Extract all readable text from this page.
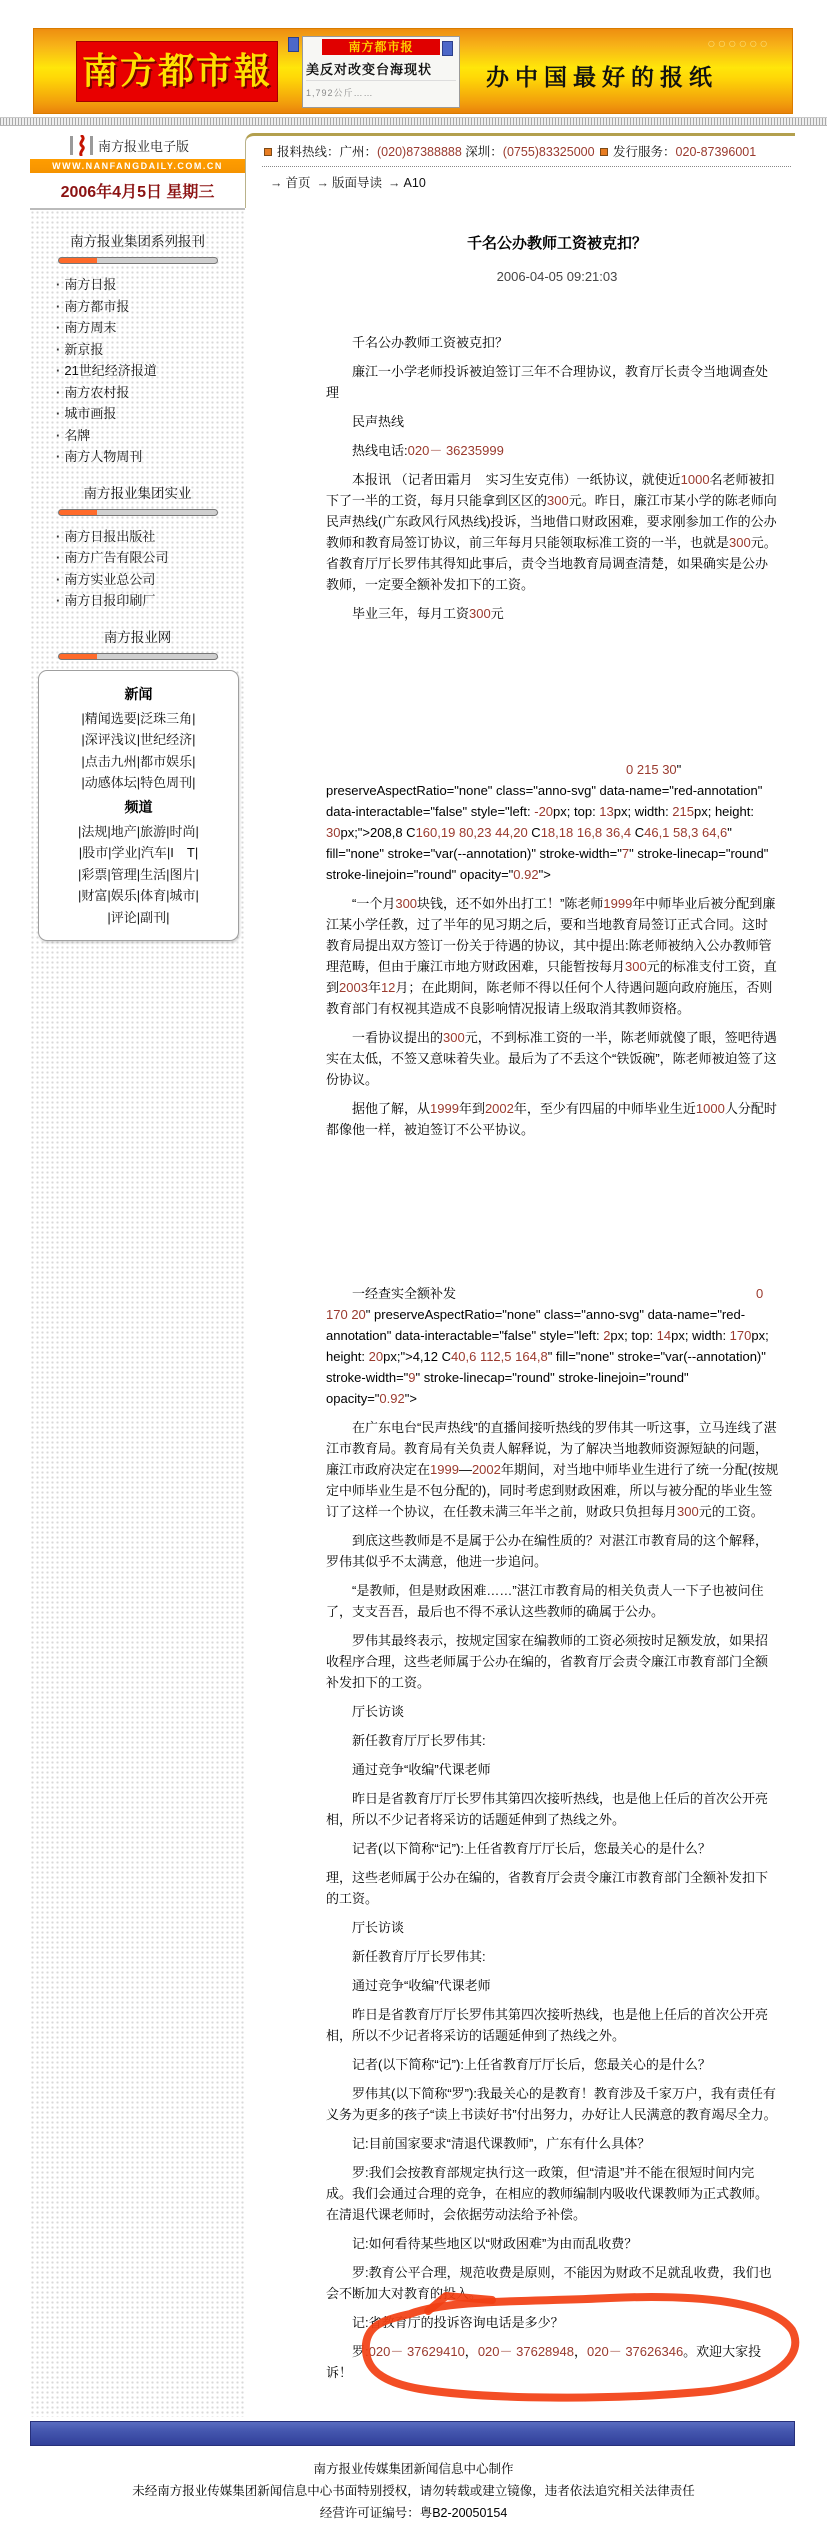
南方都市報
南方都市报
美反对改变台海现状
1,792公斤……
办中国最好的报纸
○○○○○○
南方报业电子版
WWW.NANFANGDAILY.COM.CN
2006年4月5日 星期三
报料热线：广州：(020)87388888 深圳：(0755)83325000 发行服务：020-87396001
→ 首页 → 版面导读 → A10
南方报业集团系列报刊
· 南方日报
· 南方都市报
· 南方周末
· 新京报
· 21世纪经济报道
· 南方农村报
· 城市画报
· 名牌
· 南方人物周刊
南方报业集团实业
· 南方日报出版社
· 南方广告有限公司
· 南方实业总公司
· 南方日报印刷厂
南方报业网
新闻
|精闻选要|泛珠三角|
|深评浅议|世纪经济|
|点击九州|都市娱乐|
|动感体坛|特色周刊|
频道
|法规|地产|旅游|时尚|
|股市|学业|汽车|I　T|
|彩票|管理|生活|图片|
|财富|娱乐|体育|城市|
|评论|副刊|
千名公办教师工资被克扣？
2006-04-05 09:21:03

千名公办教师工资被克扣？

廉江一小学老师投诉被迫签订三年不合理协议，教育厅长责令当地调查处理

民声热线

热线电话:020－ 36235999

本报讯 （记者田霜月　实习生安克伟）一纸协议，就使近1000名老师被扣下了一半的工资，每月只能拿到区区的300元。昨日，廉江市某小学的陈老师向民声热线(广东政风行风热线)投诉，当地借口财政困难，要求刚参加工作的公办教师和教育局签订协议，前三年每月只能领取标准工资的一半，也就是300元。省教育厅厅长罗伟其得知此事后，责令当地教育局调查清楚，如果确实是公办教师，一定要全额补发扣下的工资。

毕业三年，每月工资300元0 215 30" preserveAspectRatio="none" class="anno-svg" data-name="red-annotation" data-interactable="false" style="left: -20px; top: 13px; width: 215px; height: 30px;">208,8 C160,19 80,23 44,20 C18,18 16,8 36,4 C46,1 58,3 64,6" fill="none" stroke="var(--annotation)" stroke-width="7" stroke-linecap="round" stroke-linejoin="round" opacity="0.92">

“一个月300块钱，还不如外出打工！”陈老师1999年中师毕业后被分配到廉江某小学任教，过了半年的见习期之后，要和当地教育局签订正式合同。这时教育局提出双方签订一份关于待遇的协议，其中提出:陈老师被纳入公办教师管理范畴，但由于廉江市地方财政困难，只能暂按每月300元的标准支付工资，直到2003年12月；在此期间，陈老师不得以任何个人待遇问题向政府施压，否则教育部门有权视其造成不良影响情况报请上级取消其教师资格。

一看协议提出的300元，不到标准工资的一半，陈老师就傻了眼，签吧待遇实在太低，不签又意味着失业。最后为了不丢这个“铁饭碗”，陈老师被迫签了这份协议。

据他了解，从1999年到2002年，至少有四届的中师毕业生近1000人分配时都像他一样，被迫签订不公平协议。

一经查实全额补发	0 170 20" preserveAspectRatio="none" class="anno-svg" data-name="red-annotation" data-interactable="false" style="left: 2px; top: 14px; width: 170px; height: 20px;">4,12 C40,6 112,5 164,8" fill="none" stroke="var(--annotation)" stroke-width="9" stroke-linecap="round" stroke-linejoin="round" opacity="0.92">

在广东电台“民声热线”的直播间接听热线的罗伟其一听这事，立马连线了湛江市教育局。教育局有关负责人解释说，为了解决当地教师资源短缺的问题，廉江市政府决定在1999—2002年期间，对当地中师毕业生进行了统一分配(按规定中师毕业生是不包分配的)，同时考虑到财政困难，所以与被分配的毕业生签订了这样一个协议，在任教未满三年半之前，财政只负担每月300元的工资。

到底这些教师是不是属于公办在编性质的？对湛江市教育局的这个解释，罗伟其似乎不太满意，他进一步追问。

“是教师，但是财政困难……”湛江市教育局的相关负责人一下子也被问住了，支支吾吾，最后也不得不承认这些教师的确属于公办。

罗伟其最终表示，按规定国家在编教师的工资必须按时足额发放，如果招收程序合理，这些老师属于公办在编的，省教育厅会责令廉江市教育部门全额补发扣下的工资。

厅长访谈

新任教育厅厅长罗伟其:

通过竞争“收编”代课老师

昨日是省教育厅厅长罗伟其第四次接听热线，也是他上任后的首次公开亮相，所以不少记者将采访的话题延伸到了热线之外。

记者(以下简称“记”):上任省教育厅厅长后，您最关心的是什么？

理，这些老师属于公办在编的，省教育厅会责令廉江市教育部门全额补发扣下的工资。

厅长访谈

新任教育厅厅长罗伟其:

通过竞争“收编”代课老师

昨日是省教育厅厅长罗伟其第四次接听热线，也是他上任后的首次公开亮相，所以不少记者将采访的话题延伸到了热线之外。

记者(以下简称“记”):上任省教育厅厅长后，您最关心的是什么？

罗伟其(以下简称“罗”):我最关心的是教育！教育涉及千家万户，我有责任有义务为更多的孩子“读上书读好书”付出努力，办好让人民满意的教育竭尽全力。

记:目前国家要求“清退代课教师”，广东有什么具体？

罗:我们会按教育部规定执行这一政策，但“清退”并不能在很短时间内完成。我们会通过合理的竞争，在相应的教师编制内吸收代课教师为正式教师。在清退代课老师时，会依据劳动法给予补偿。

记:如何看待某些地区以“财政困难”为由而乱收费？

罗:教育公平合理，规范收费是原则，不能因为财政不足就乱收费，我们也会不断加大对教育的投入。

记:省教育厅的投诉咨询电话是多少？

罗:020－ 37629410，020－ 37628948，020－ 37626346。欢迎大家投诉！

南方报业传媒集团新闻信息中心制作
未经南方报业传媒集团新闻信息中心书面特别授权，请勿转载或建立镜像，违者依法追究相关法律责任
经营许可证编号：粤B2-20050154
